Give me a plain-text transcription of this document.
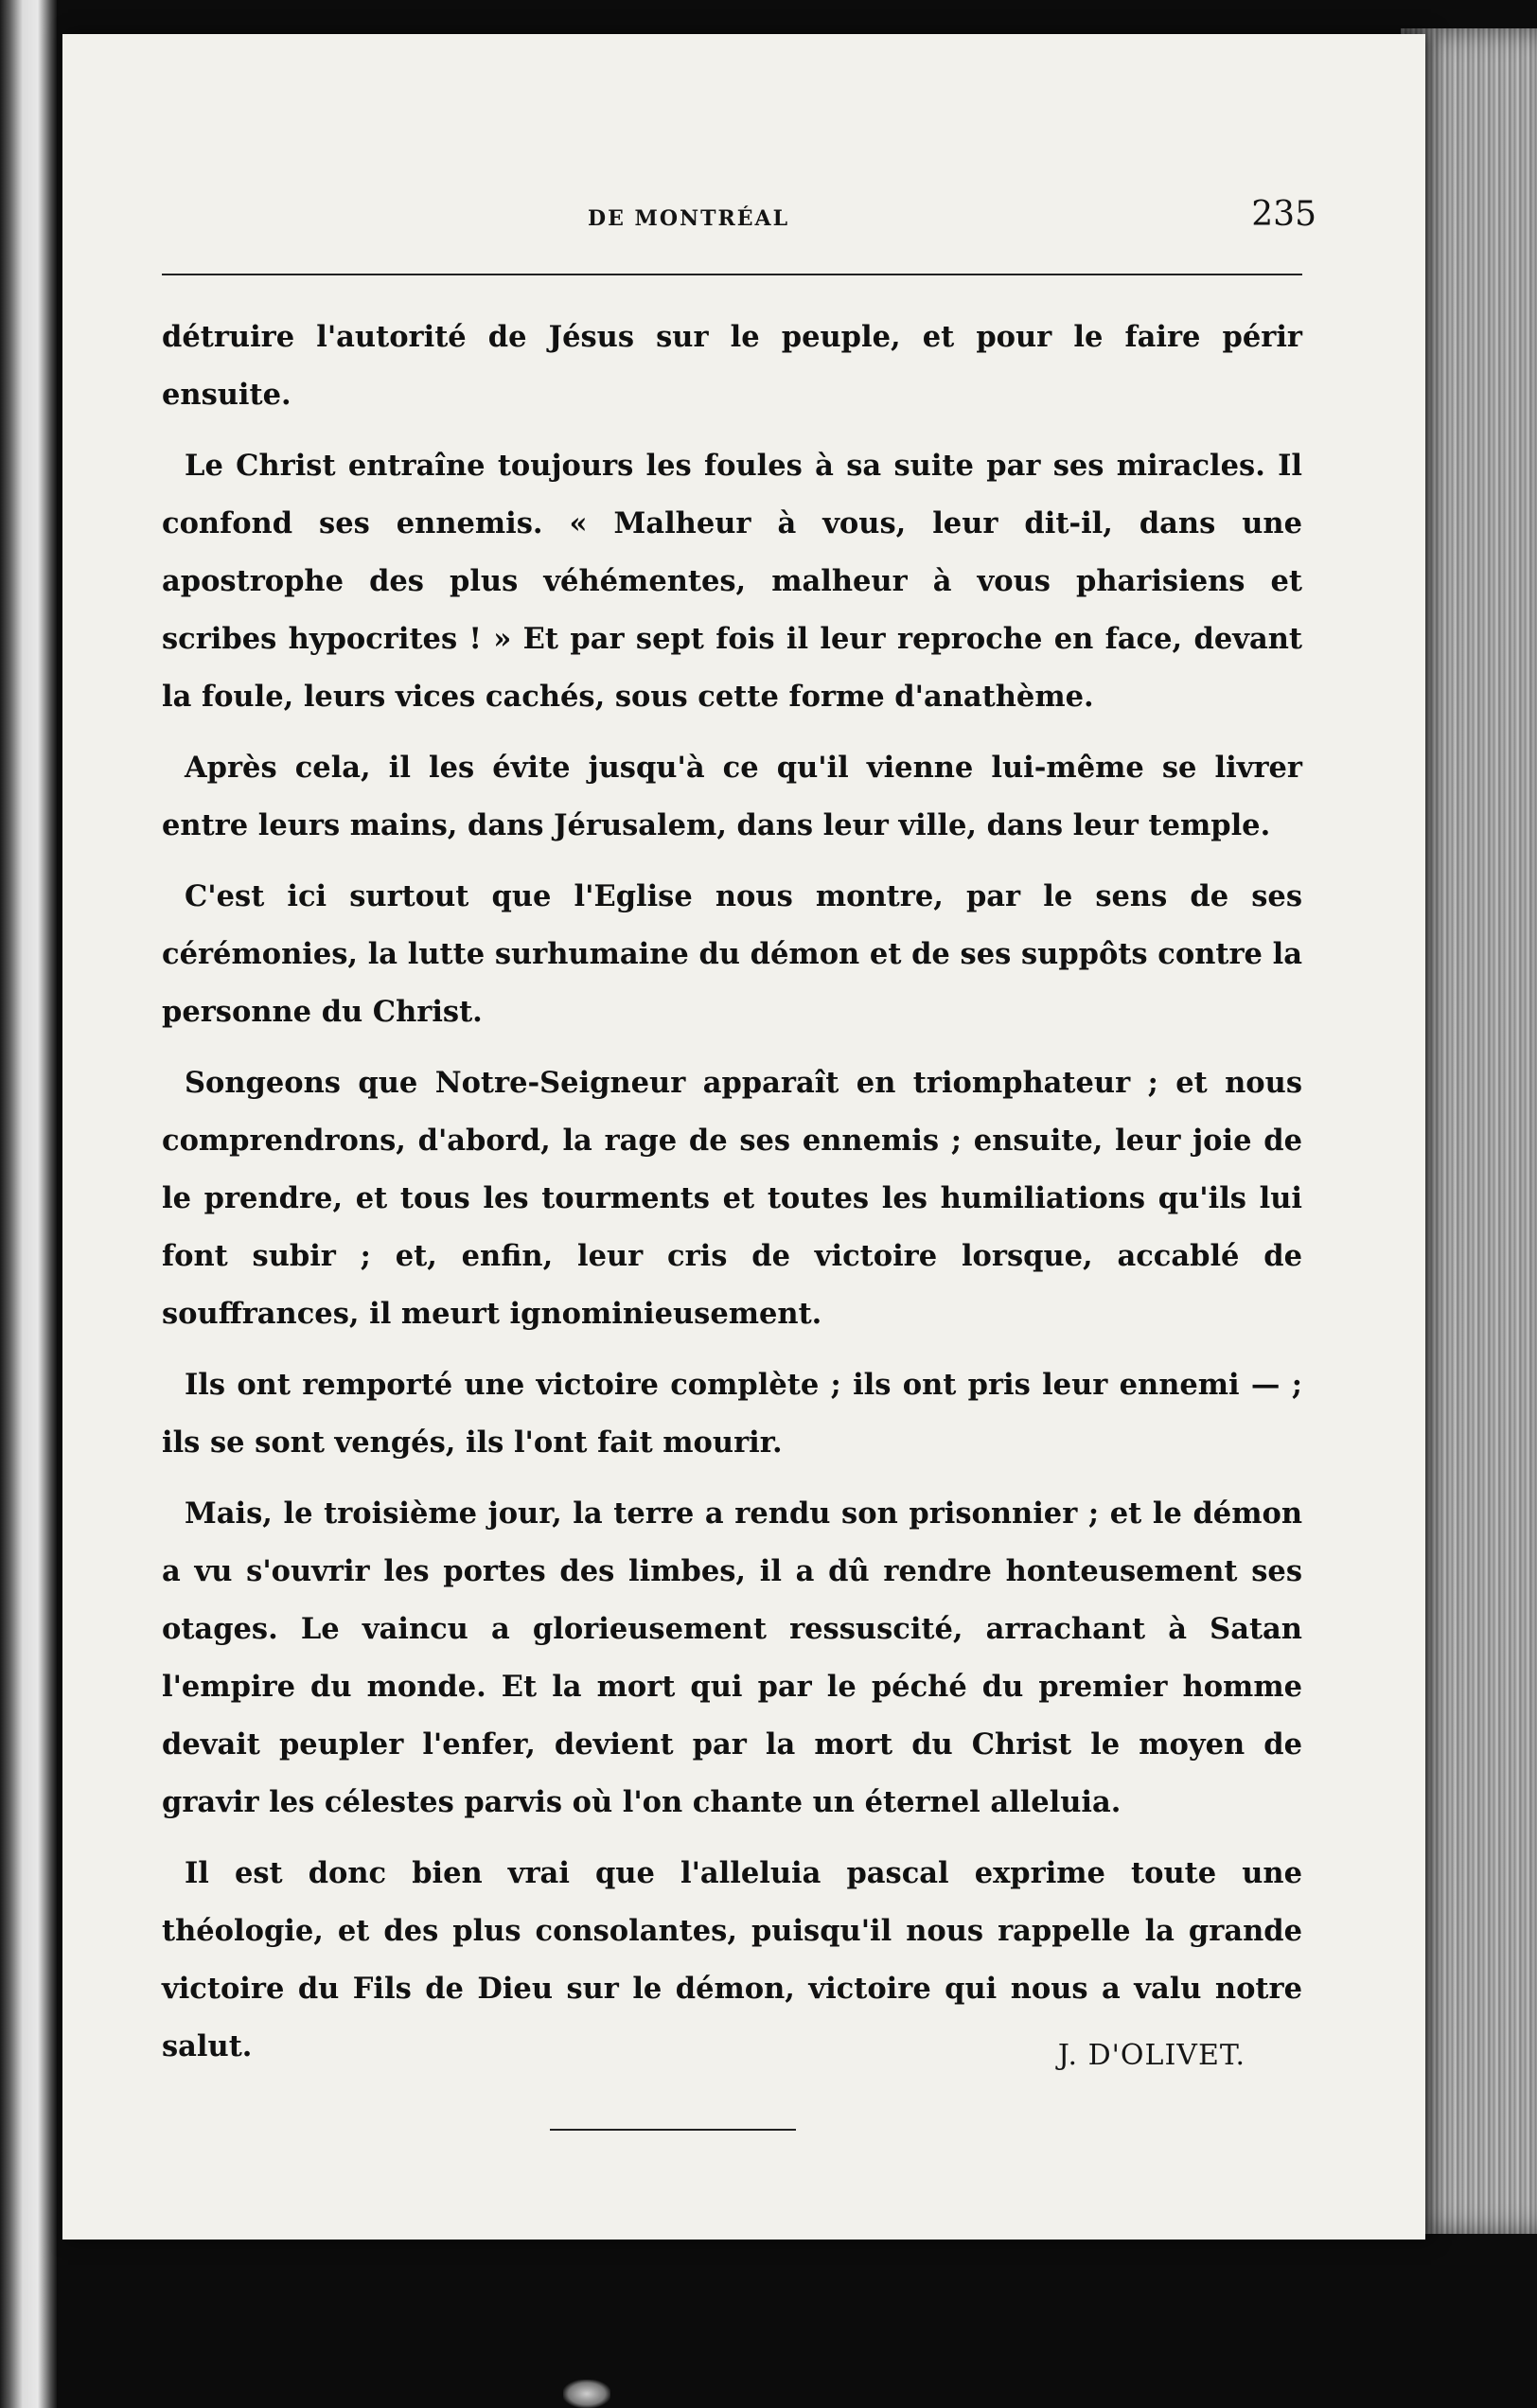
DE MONTRÉAL	235

détruire l'autorité de Jésus sur le peuple, et pour le faire périr ensuite.

Le Christ entraîne toujours les foules à sa suite par ses miracles. Il confond ses ennemis. « Malheur à vous, leur dit-il, dans une apostrophe des plus véhémentes, malheur à vous pharisiens et scribes hypocrites ! » Et par sept fois il leur reproche en face, devant la foule, leurs vices cachés, sous cette forme d'anathème.

Après cela, il les évite jusqu'à ce qu'il vienne lui-même se livrer entre leurs mains, dans Jérusalem, dans leur ville, dans leur temple.

C'est ici surtout que l'Eglise nous montre, par le sens de ses cérémonies, la lutte surhumaine du démon et de ses suppôts contre la personne du Christ.

Songeons que Notre-Seigneur apparaît en triomphateur ; et nous comprendrons, d'abord, la rage de ses ennemis ; ensuite, leur joie de le prendre, et tous les tourments et toutes les humiliations qu'ils lui font subir ; et, enfin, leur cris de victoire lorsque, accablé de souffrances, il meurt ignominieusement.

Ils ont remporté une victoire complète ; ils ont pris leur ennemi — ; ils se sont vengés, ils l'ont fait mourir.

Mais, le troisième jour, la terre a rendu son prisonnier ; et le démon a vu s'ouvrir les portes des limbes, il a dû rendre honteusement ses otages. Le vaincu a glorieusement ressuscité, arrachant à Satan l'empire du monde. Et la mort qui par le péché du premier homme devait peupler l'enfer, devient par la mort du Christ le moyen de gravir les célestes parvis où l'on chante un éternel alleluia.

Il est donc bien vrai que l'alleluia pascal exprime toute une théologie, et des plus consolantes, puisqu'il nous rappelle la grande victoire du Fils de Dieu sur le démon, victoire qui nous a valu notre salut.	J. D'OLIVET.
